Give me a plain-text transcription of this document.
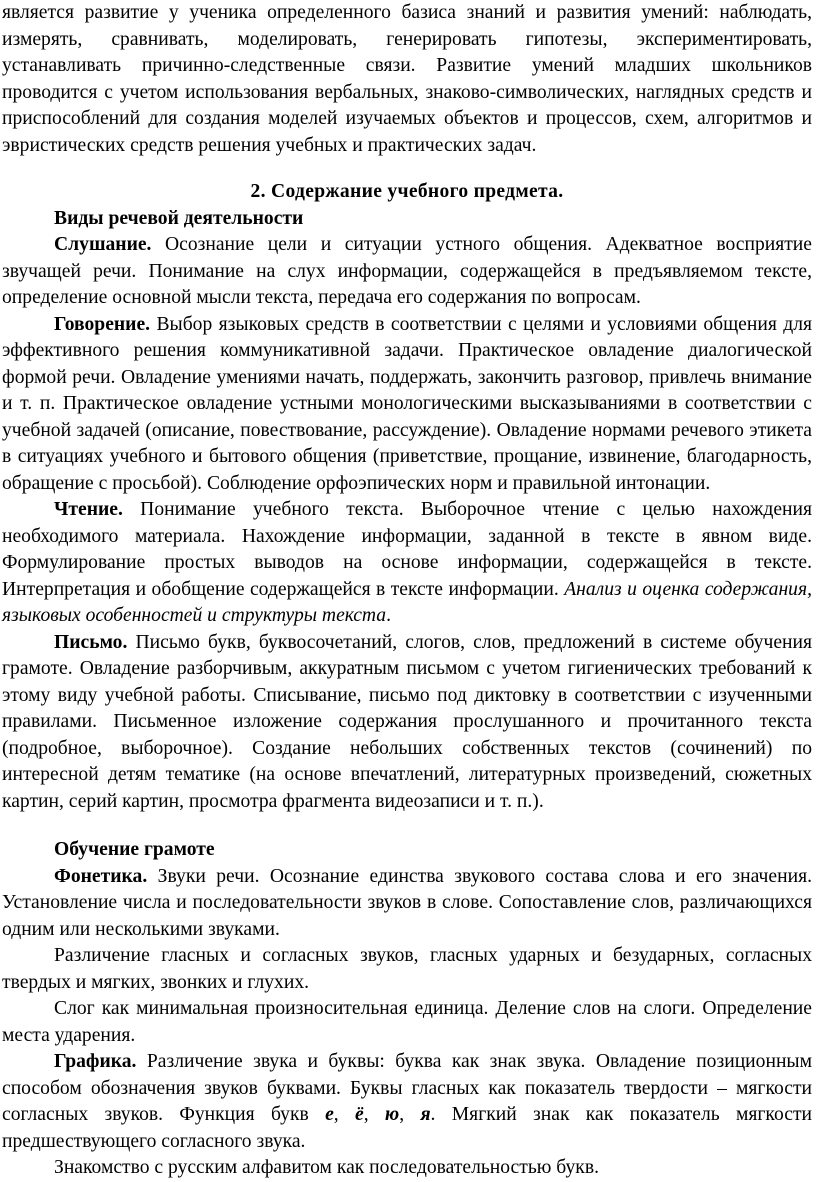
является развитие у ученика определенного базиса знаний и развития умений: наблюдать, измерять, сравнивать, моделировать, генерировать гипотезы, экспериментировать, устанавливать причинно-следственные связи. Развитие умений младших школьников проводится с учетом использования вербальных, знаково-символических, наглядных средств и приспособлений для создания моделей изучаемых объектов и процессов, схем, алгоритмов и эвристических средств решения учебных и практических задач.

2. Содержание учебного предмета.

Виды речевой деятельности

Слушание. Осознание цели и ситуации устного общения. Адекватное восприятие звучащей речи. Понимание на слух информации, содержащейся в предъявляемом тексте, определение основной мысли текста, передача его содержания по вопросам.

Говорение. Выбор языковых средств в соответствии с целями и условиями общения для эффективного решения коммуникативной задачи. Практическое овладение диалогической формой речи. Овладение умениями начать, поддержать, закончить разговор, привлечь внимание и т. п. Практическое овладение устными монологическими высказываниями в соответствии с учебной задачей (описание, повествование, рассуждение). Овладение нормами речевого этикета в ситуациях учебного и бытового общения (приветствие, прощание, извинение, благодарность, обращение с просьбой). Соблюдение орфоэпических норм и правильной интонации.

Чтение. Понимание учебного текста. Выборочное чтение с целью нахождения необходимого материала. Нахождение информации, заданной в тексте в явном виде. Формулирование простых выводов на основе информации, содержащейся в тексте. Интерпретация и обобщение содержащейся в тексте информации. Анализ и оценка содержания, языковых особенностей и структуры текста.

Письмо. Письмо букв, буквосочетаний, слогов, слов, предложений в системе обучения грамоте. Овладение разборчивым, аккуратным письмом с учетом гигиенических требований к этому виду учебной работы. Списывание, письмо под диктовку в соответствии с изученными правилами. Письменное изложение содержания прослушанного и прочитанного текста (подробное, выборочное). Создание небольших собственных текстов (сочинений) по интересной детям тематике (на основе впечатлений, литературных произведений, сюжетных картин, серий картин, просмотра фрагмента видеозаписи и т. п.).

Обучение грамоте

Фонетика. Звуки речи. Осознание единства звукового состава слова и его значения. Установление числа и последовательности звуков в слове. Сопоставление слов, различающихся одним или несколькими звуками.

Различение гласных и согласных звуков, гласных ударных и безударных, согласных твердых и мягких, звонких и глухих.

Слог как минимальная произносительная единица. Деление слов на слоги. Определение места ударения.

Графика. Различение звука и буквы: буква как знак звука. Овладение позиционным способом обозначения звуков буквами. Буквы гласных как показатель твердости – мягкости согласных звуков. Функция букв е, ё, ю, я. Мягкий знак как показатель мягкости предшествующего согласного звука.

Знакомство с русским алфавитом как последовательностью букв.
